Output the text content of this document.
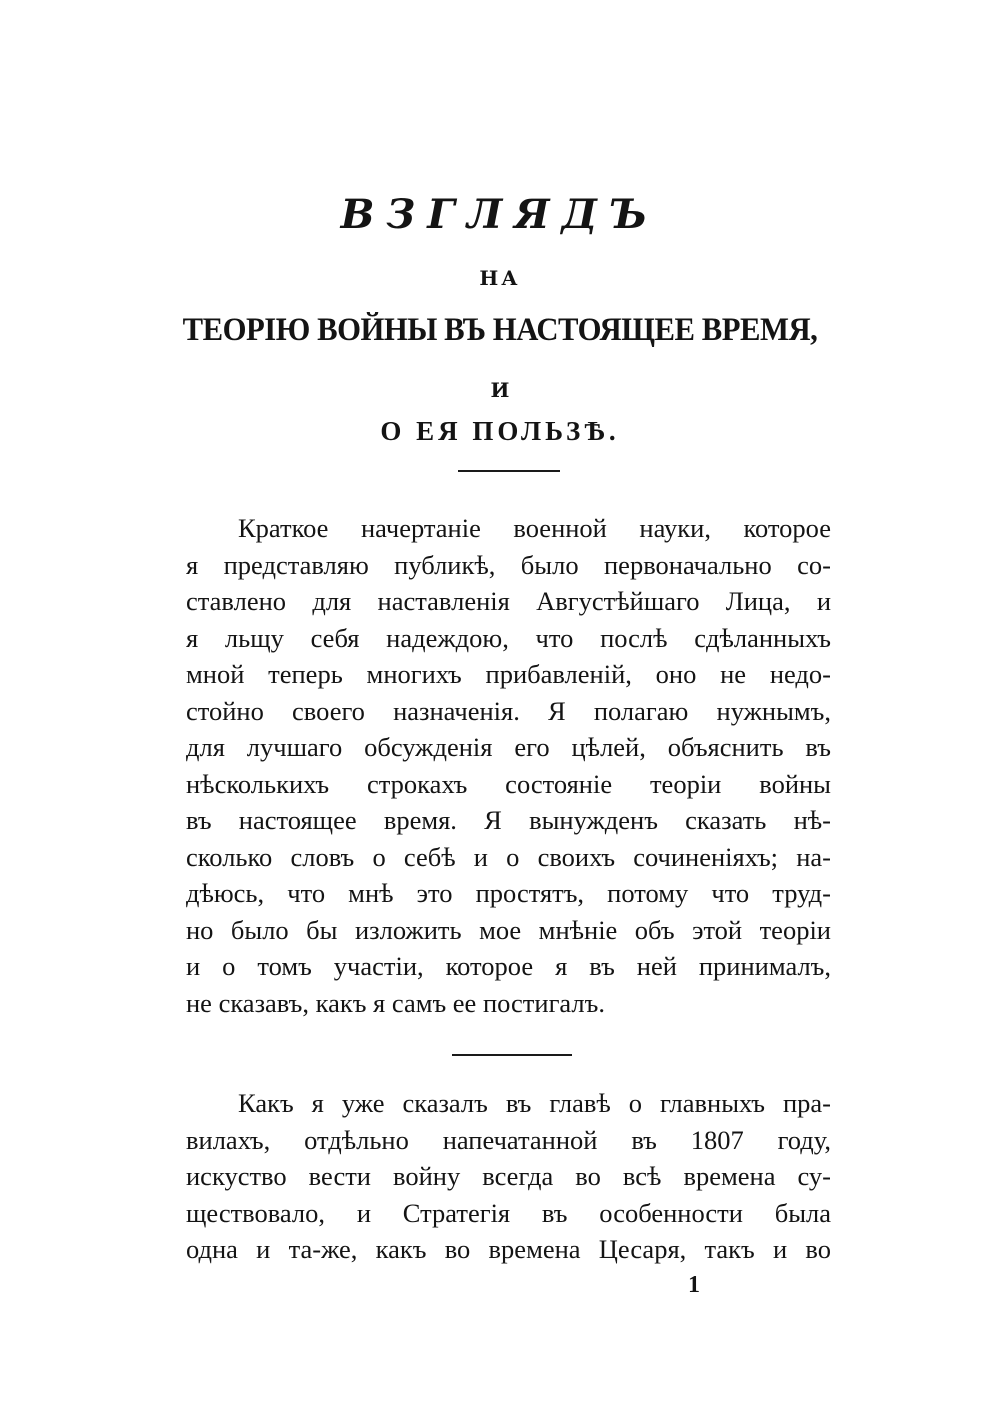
ВЗГЛЯДЪ
НА
ТЕОРІЮ ВОЙНЫ ВЪ НАСТОЯЩЕЕ ВРЕМЯ,
И
О ЕЯ ПОЛЬЗѢ.
Краткое начертаніе военной науки, которое
я представляю публикѣ, было первоначально со-
ставлено для наставленія Августѣйшаго Лица, и
я льщу себя надеждою, что послѣ сдѣланныхъ
мной теперь многихъ прибавленій, оно не недо-
стойно своего назначенія. Я полагаю нужнымъ,
для лучшаго обсужденія его цѣлей, объяснить въ
нѣсколькихъ строкахъ состояніе теоріи войны
въ настоящее время. Я вынужденъ сказать нѣ-
сколько словъ о себѣ и о своихъ сочиненіяхъ; на-
дѣюсь, что мнѣ это простятъ, потому что труд-
но было бы изложить мое мнѣніе объ этой теоріи
и о томъ участіи, которое я въ ней принималъ,
не сказавъ, какъ я самъ ее постигалъ.
Какъ я уже сказалъ въ главѣ о главныхъ пра-
вилахъ, отдѣльно напечатанной въ 1807 году,
искуство вести войну всегда во всѣ времена су-
ществовало, и Стратегія въ особенности была
одна и та-же, какъ во времена Цесаря, такъ и во
1
